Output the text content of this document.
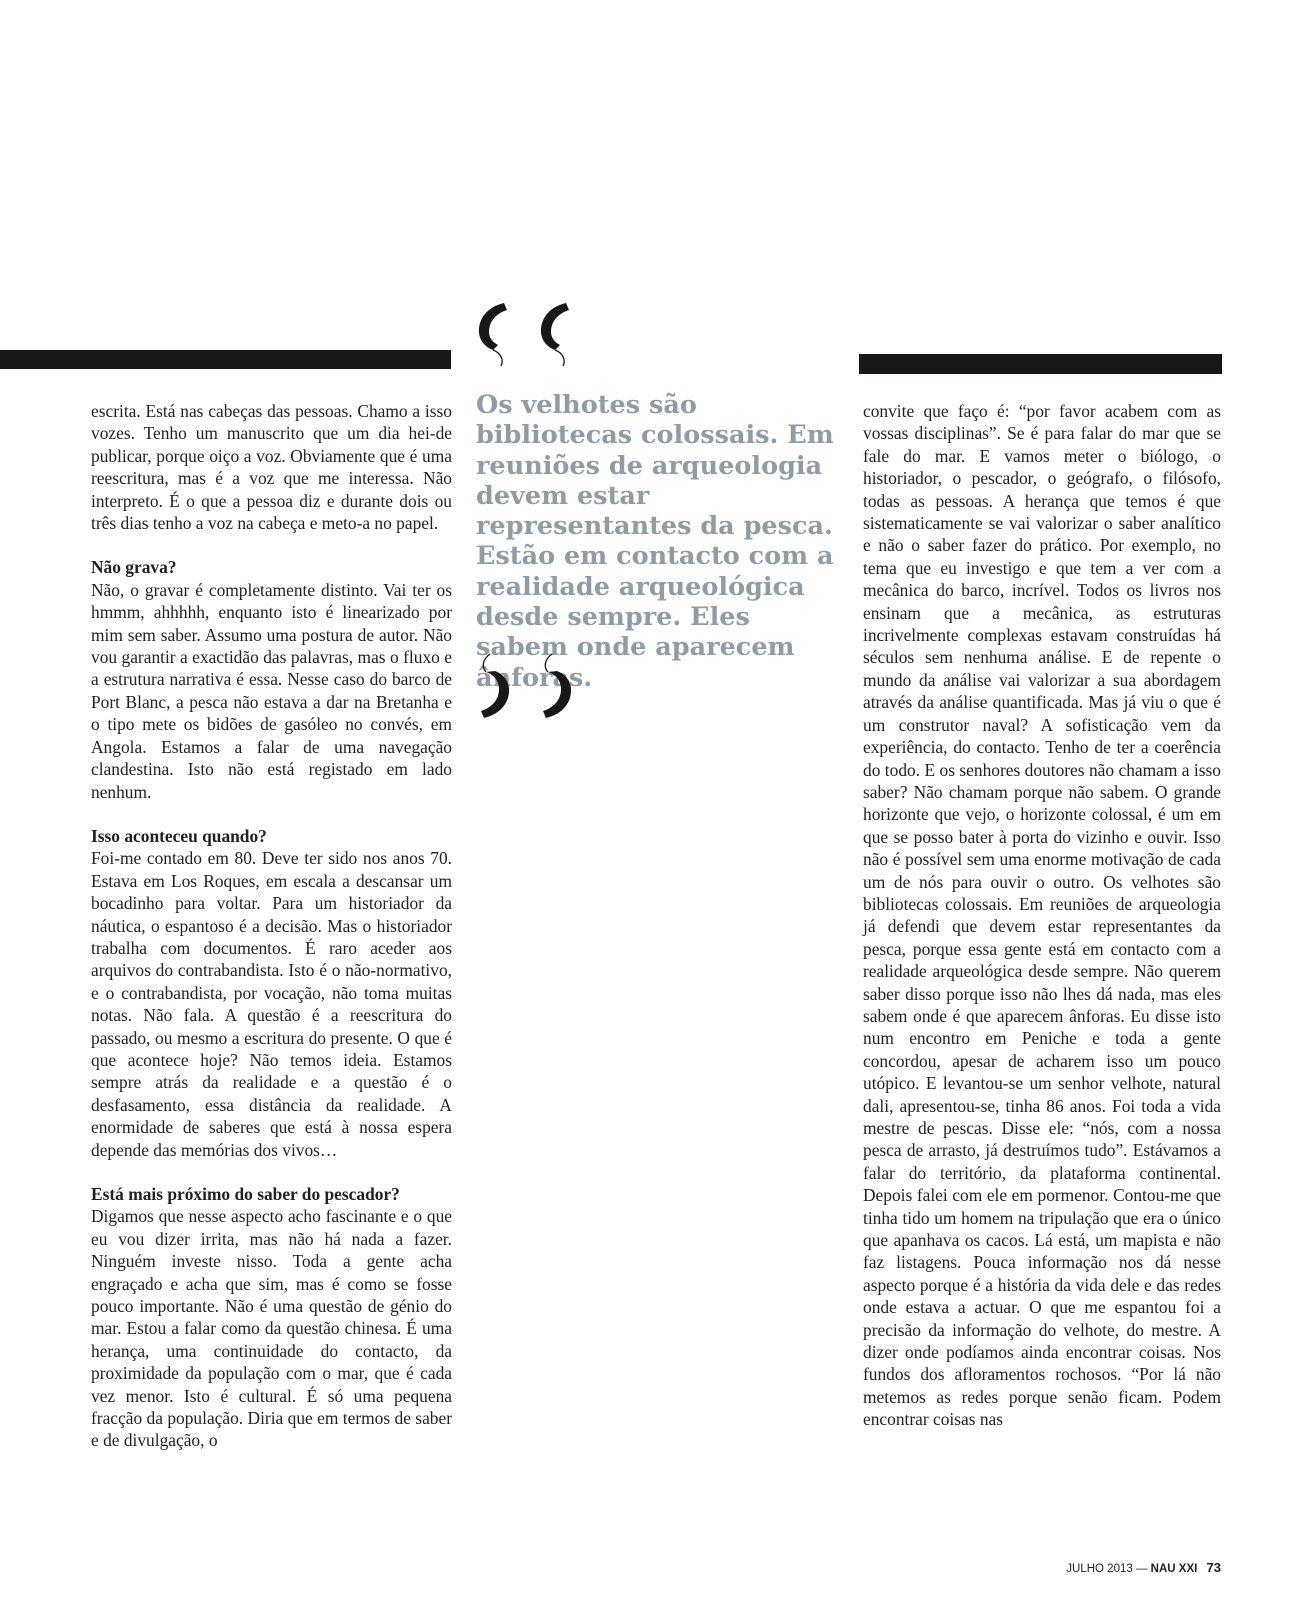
escrita. Está nas cabeças das pessoas. Chamo a isso vozes. Tenho um manuscrito que um dia hei-de publicar, porque oiço a voz. Obviamente que é uma reescritura, mas é a voz que me interessa. Não interpreto. É o que a pessoa diz e durante dois ou três dias tenho a voz na cabeça e meto-a no papel.

Não grava?

Não, o gravar é completamente distinto. Vai ter os hmmm, ahhhhh, enquanto isto é linearizado por mim sem saber. Assumo uma postura de autor. Não vou garantir a exactidão das palavras, mas o fluxo e a estrutura narrativa é essa. Nesse caso do barco de Port Blanc, a pesca não estava a dar na Bretanha e o tipo mete os bidões de gasóleo no convés, em Angola. Estamos a falar de uma navegação clandestina. Isto não está registado em lado nenhum.

Isso aconteceu quando?

Foi-me contado em 80. Deve ter sido nos anos 70. Estava em Los Roques, em escala a descansar um bocadinho para voltar. Para um historiador da náutica, o espantoso é a decisão. Mas o historiador trabalha com documentos. É raro aceder aos arquivos do contrabandista. Isto é o não-normativo, e o contrabandista, por vocação, não toma muitas notas. Não fala. A questão é a reescritura do passado, ou mesmo a escritura do presente. O que é que acontece hoje? Não temos ideia. Estamos sempre atrás da realidade e a questão é o desfasamento, essa distância da realidade. A enormidade de saberes que está à nossa espera depende das memórias dos vivos…

Está mais próximo do saber do pescador?

Digamos que nesse aspecto acho fascinante e o que eu vou dizer irrita, mas não há nada a fazer. Ninguém investe nisso. Toda a gente acha engraçado e acha que sim, mas é como se fosse pouco importante. Não é uma questão de génio do mar. Estou a falar como da questão chinesa. É uma herança, uma continuidade do contacto, da proximidade da população com o mar, que é cada vez menor. Isto é cultural. É só uma pequena fracção da população. Diria que em termos de saber e de divulgação, o

Os velhotes são bibliotecas colossais. Em reuniões de arqueologia devem estar representantes da pesca. Estão em contacto com a realidade arqueológica desde sempre. Eles sabem onde aparecem ânforas.

convite que faço é: “por favor acabem com as vossas disciplinas”. Se é para falar do mar que se fale do mar. E vamos meter o biólogo, o historiador, o pescador, o geógrafo, o filósofo, todas as pessoas. A herança que temos é que sistematicamente se vai valorizar o saber analítico e não o saber fazer do prático. Por exemplo, no tema que eu investigo e que tem a ver com a mecânica do barco, incrível. Todos os livros nos ensinam que a mecânica, as estruturas incrivelmente complexas estavam construídas há séculos sem nenhuma análise. E de repente o mundo da análise vai valorizar a sua abordagem através da análise quantificada. Mas já viu o que é um construtor naval? A sofisticação vem da experiência, do contacto. Tenho de ter a coerência do todo. E os senhores doutores não chamam a isso saber? Não chamam porque não sabem. O grande horizonte que vejo, o horizonte colossal, é um em que se posso bater à porta do vizinho e ouvir. Isso não é possível sem uma enorme motivação de cada um de nós para ouvir o outro. Os velhotes são bibliotecas colossais. Em reuniões de arqueologia já defendi que devem estar representantes da pesca, porque essa gente está em contacto com a realidade arqueológica desde sempre. Não querem saber disso porque isso não lhes dá nada, mas eles sabem onde é que aparecem ânforas. Eu disse isto num encontro em Peniche e toda a gente concordou, apesar de acharem isso um pouco utópico. E levantou-se um senhor velhote, natural dali, apresentou-se, tinha 86 anos. Foi toda a vida mestre de pescas. Disse ele: “nós, com a nossa pesca de arrasto, já destruímos tudo”. Estávamos a falar do território, da plataforma continental. Depois falei com ele em pormenor. Contou-me que tinha tido um homem na tripulação que era o único que apanhava os cacos. Lá está, um mapista e não faz listagens. Pouca informação nos dá nesse aspecto porque é a história da vida dele e das redes onde estava a actuar. O que me espantou foi a precisão da informação do velhote, do mestre. A dizer onde podíamos ainda encontrar coisas. Nos fundos dos afloramentos rochosos. “Por lá não metemos as redes porque senão ficam. Podem encontrar coisas nas

JULHO 2013 — NAU XXI 73
